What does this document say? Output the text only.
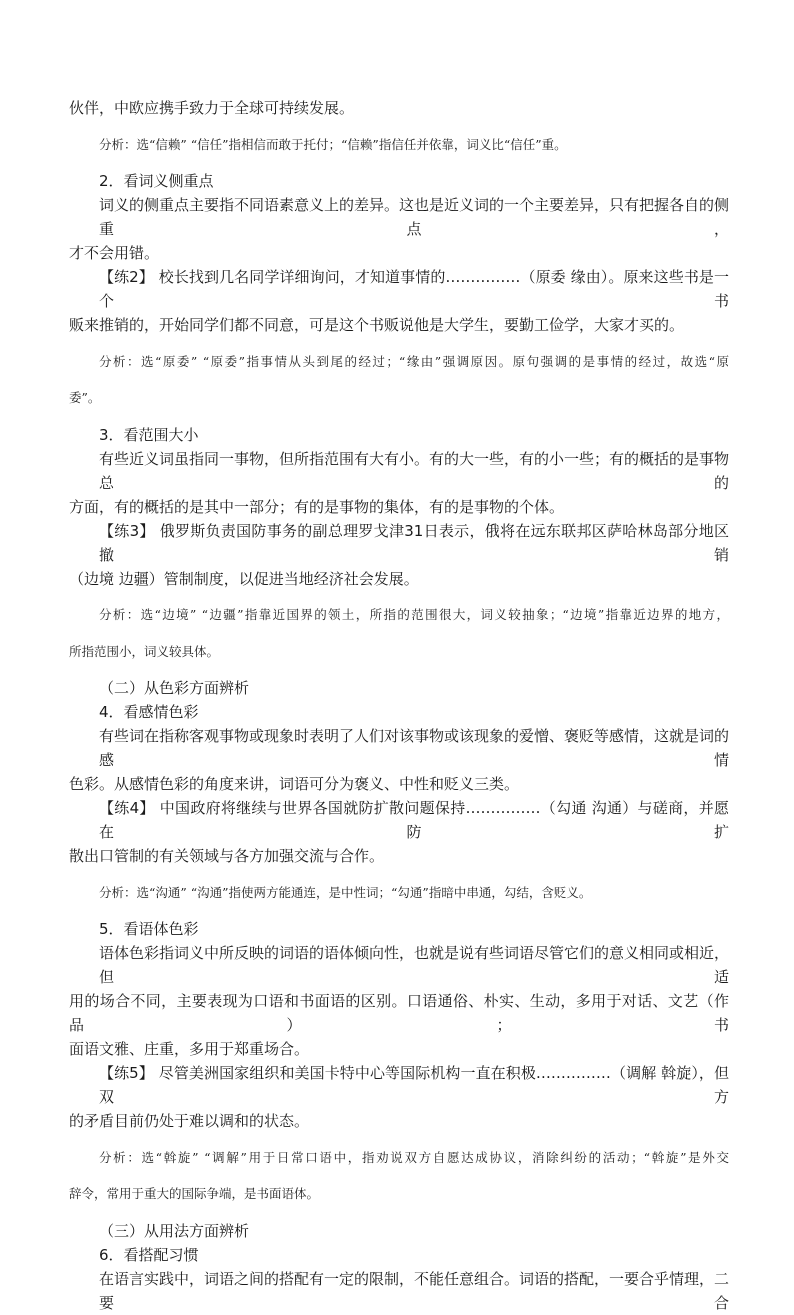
伙伴，中欧应携手致力于全球可持续发展。

分析：选“信赖” “信任”指相信而敢于托付；“信赖”指信任并依靠，词义比“信任”重。

2．看词义侧重点

词义的侧重点主要指不同语素意义上的差异。这也是近义词的一个主要差异，只有把握各自的侧重点，

才不会用错。

【练2】 校长找到几名同学详细询问，才知道事情的……………（原委 缘由）。原来这些书是一个书

贩来推销的，开始同学们都不同意，可是这个书贩说他是大学生，要勤工俭学，大家才买的。

分析：选“原委” “原委”指事情从头到尾的经过；“缘由”强调原因。原句强调的是事情的经过，故选“原

委”。

3．看范围大小

有些近义词虽指同一事物，但所指范围有大有小。有的大一些，有的小一些；有的概括的是事物总的

方面，有的概括的是其中一部分；有的是事物的集体，有的是事物的个体。

【练3】 俄罗斯负责国防事务的副总理罗戈津31日表示，俄将在远东联邦区萨哈林岛部分地区撤销

（边境 边疆）管制制度，以促进当地经济社会发展。

分析：选“边境” “边疆”指靠近国界的领土，所指的范围很大，词义较抽象；“边境”指靠近边界的地方，

所指范围小，词义较具体。

（二）从色彩方面辨析

4．看感情色彩

有些词在指称客观事物或现象时表明了人们对该事物或该现象的爱憎、褒贬等感情，这就是词的感情

色彩。从感情色彩的角度来讲，词语可分为褒义、中性和贬义三类。

【练4】 中国政府将继续与世界各国就防扩散问题保持……………（勾通 沟通）与磋商，并愿在防扩

散出口管制的有关领域与各方加强交流与合作。

分析：选“沟通” “沟通”指使两方能通连，是中性词；“勾通”指暗中串通，勾结，含贬义。

5．看语体色彩

语体色彩指词义中所反映的词语的语体倾向性，也就是说有些词语尽管它们的意义相同或相近，但适

用的场合不同，主要表现为口语和书面语的区别。口语通俗、朴实、生动，多用于对话、文艺（作品）；书

面语文雅、庄重，多用于郑重场合。

【练5】 尽管美洲国家组织和美国卡特中心等国际机构一直在积极……………（调解 斡旋），但双方

的矛盾目前仍处于难以调和的状态。

分析：选“斡旋” “调解”用于日常口语中，指劝说双方自愿达成协议，消除纠纷的活动；“斡旋”是外交

辞令，常用于重大的国际争端，是书面语体。

（三）从用法方面辨析

6．看搭配习惯

在语言实践中，词语之间的搭配有一定的限制，不能任意组合。词语的搭配，一要合乎情理，二要合
